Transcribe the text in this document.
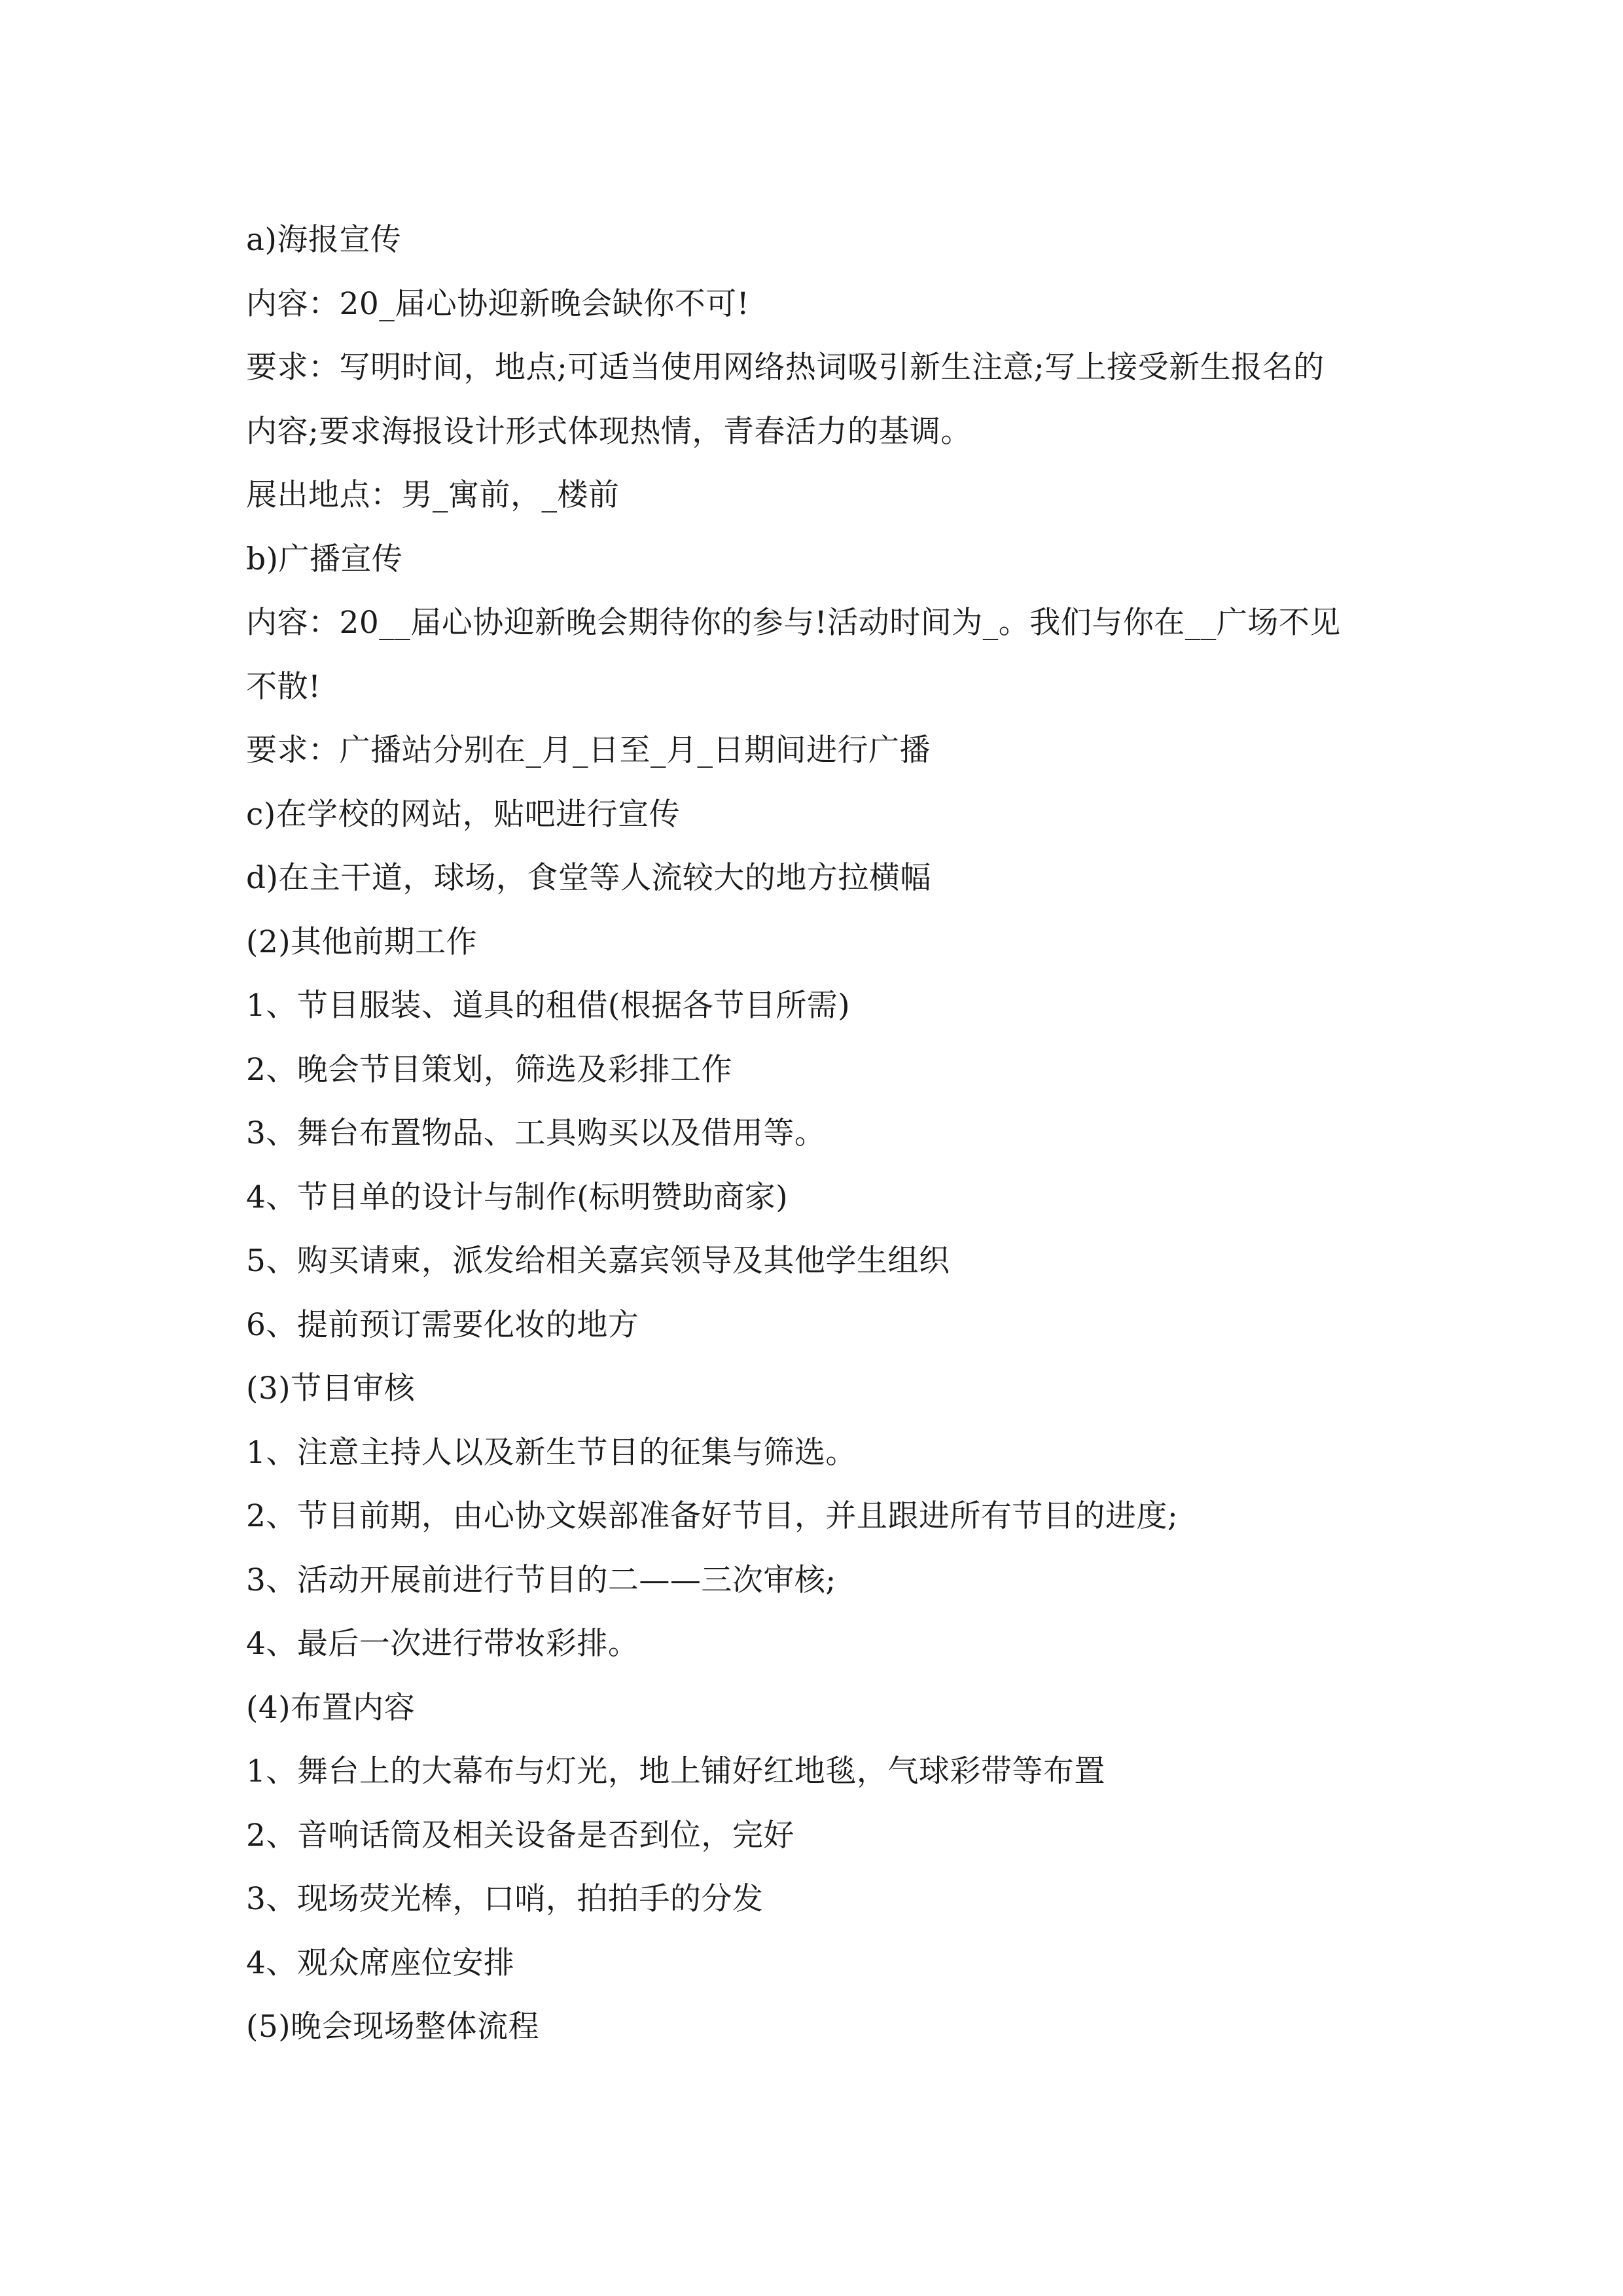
a)海报宣传
内容：20_届心协迎新晚会缺你不可!
要求：写明时间，地点;可适当使用网络热词吸引新生注意;写上接受新生报名的
内容;要求海报设计形式体现热情，青春活力的基调。
展出地点：男_寓前，_楼前
b)广播宣传
内容：20__届心协迎新晚会期待你的参与!活动时间为_。我们与你在__广场不见
不散!
要求：广播站分别在_月_日至_月_日期间进行广播
c)在学校的网站，贴吧进行宣传
d)在主干道，球场，食堂等人流较大的地方拉横幅
(2)其他前期工作
1、节目服装、道具的租借(根据各节目所需)
2、晚会节目策划，筛选及彩排工作
3、舞台布置物品、工具购买以及借用等。
4、节目单的设计与制作(标明赞助商家)
5、购买请柬，派发给相关嘉宾领导及其他学生组织
6、提前预订需要化妆的地方
(3)节目审核
1、注意主持人以及新生节目的征集与筛选。
2、节目前期，由心协文娱部准备好节目，并且跟进所有节目的进度;
3、活动开展前进行节目的二——三次审核;
4、最后一次进行带妆彩排。
(4)布置内容
1、舞台上的大幕布与灯光，地上铺好红地毯，气球彩带等布置
2、音响话筒及相关设备是否到位，完好
3、现场荧光棒，口哨，拍拍手的分发
4、观众席座位安排
(5)晚会现场整体流程
